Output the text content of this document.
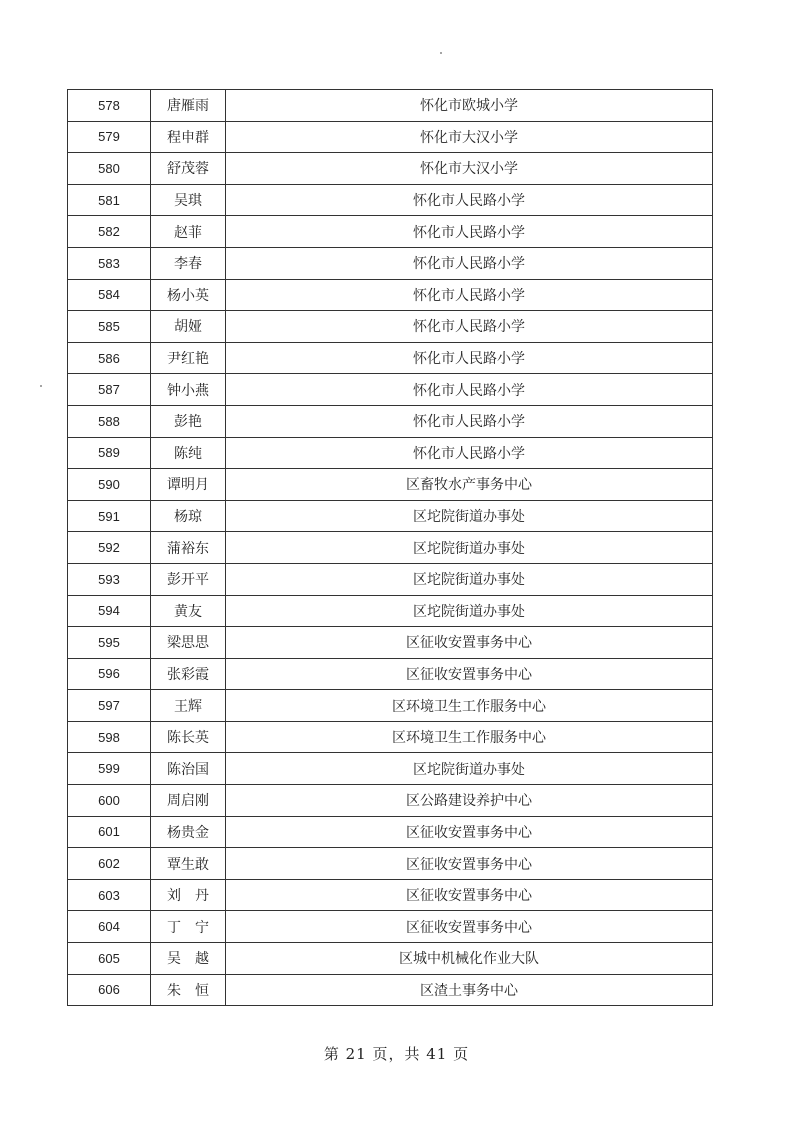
578	唐雁雨	怀化市欧城小学
579	程申群	怀化市大汉小学
580	舒茂蓉	怀化市大汉小学
581	吴琪	怀化市人民路小学
582	赵菲	怀化市人民路小学
583	李春	怀化市人民路小学
584	杨小英	怀化市人民路小学
585	胡娅	怀化市人民路小学
586	尹红艳	怀化市人民路小学
587	钟小燕	怀化市人民路小学
588	彭艳	怀化市人民路小学
589	陈纯	怀化市人民路小学
590	谭明月	区畜牧水产事务中心
591	杨琼	区坨院街道办事处
592	蒲裕东	区坨院街道办事处
593	彭开平	区坨院街道办事处
594	黄友	区坨院街道办事处
595	梁思思	区征收安置事务中心
596	张彩霞	区征收安置事务中心
597	王辉	区环境卫生工作服务中心
598	陈长英	区环境卫生工作服务中心
599	陈治国	区坨院街道办事处
600	周启刚	区公路建设养护中心
601	杨贵金	区征收安置事务中心
602	覃生敢	区征收安置事务中心
603	刘　丹	区征收安置事务中心
604	丁　宁	区征收安置事务中心
605	吴　越	区城中机械化作业大队
606	朱　恒	区渣土事务中心
第 21 页，共 41 页
